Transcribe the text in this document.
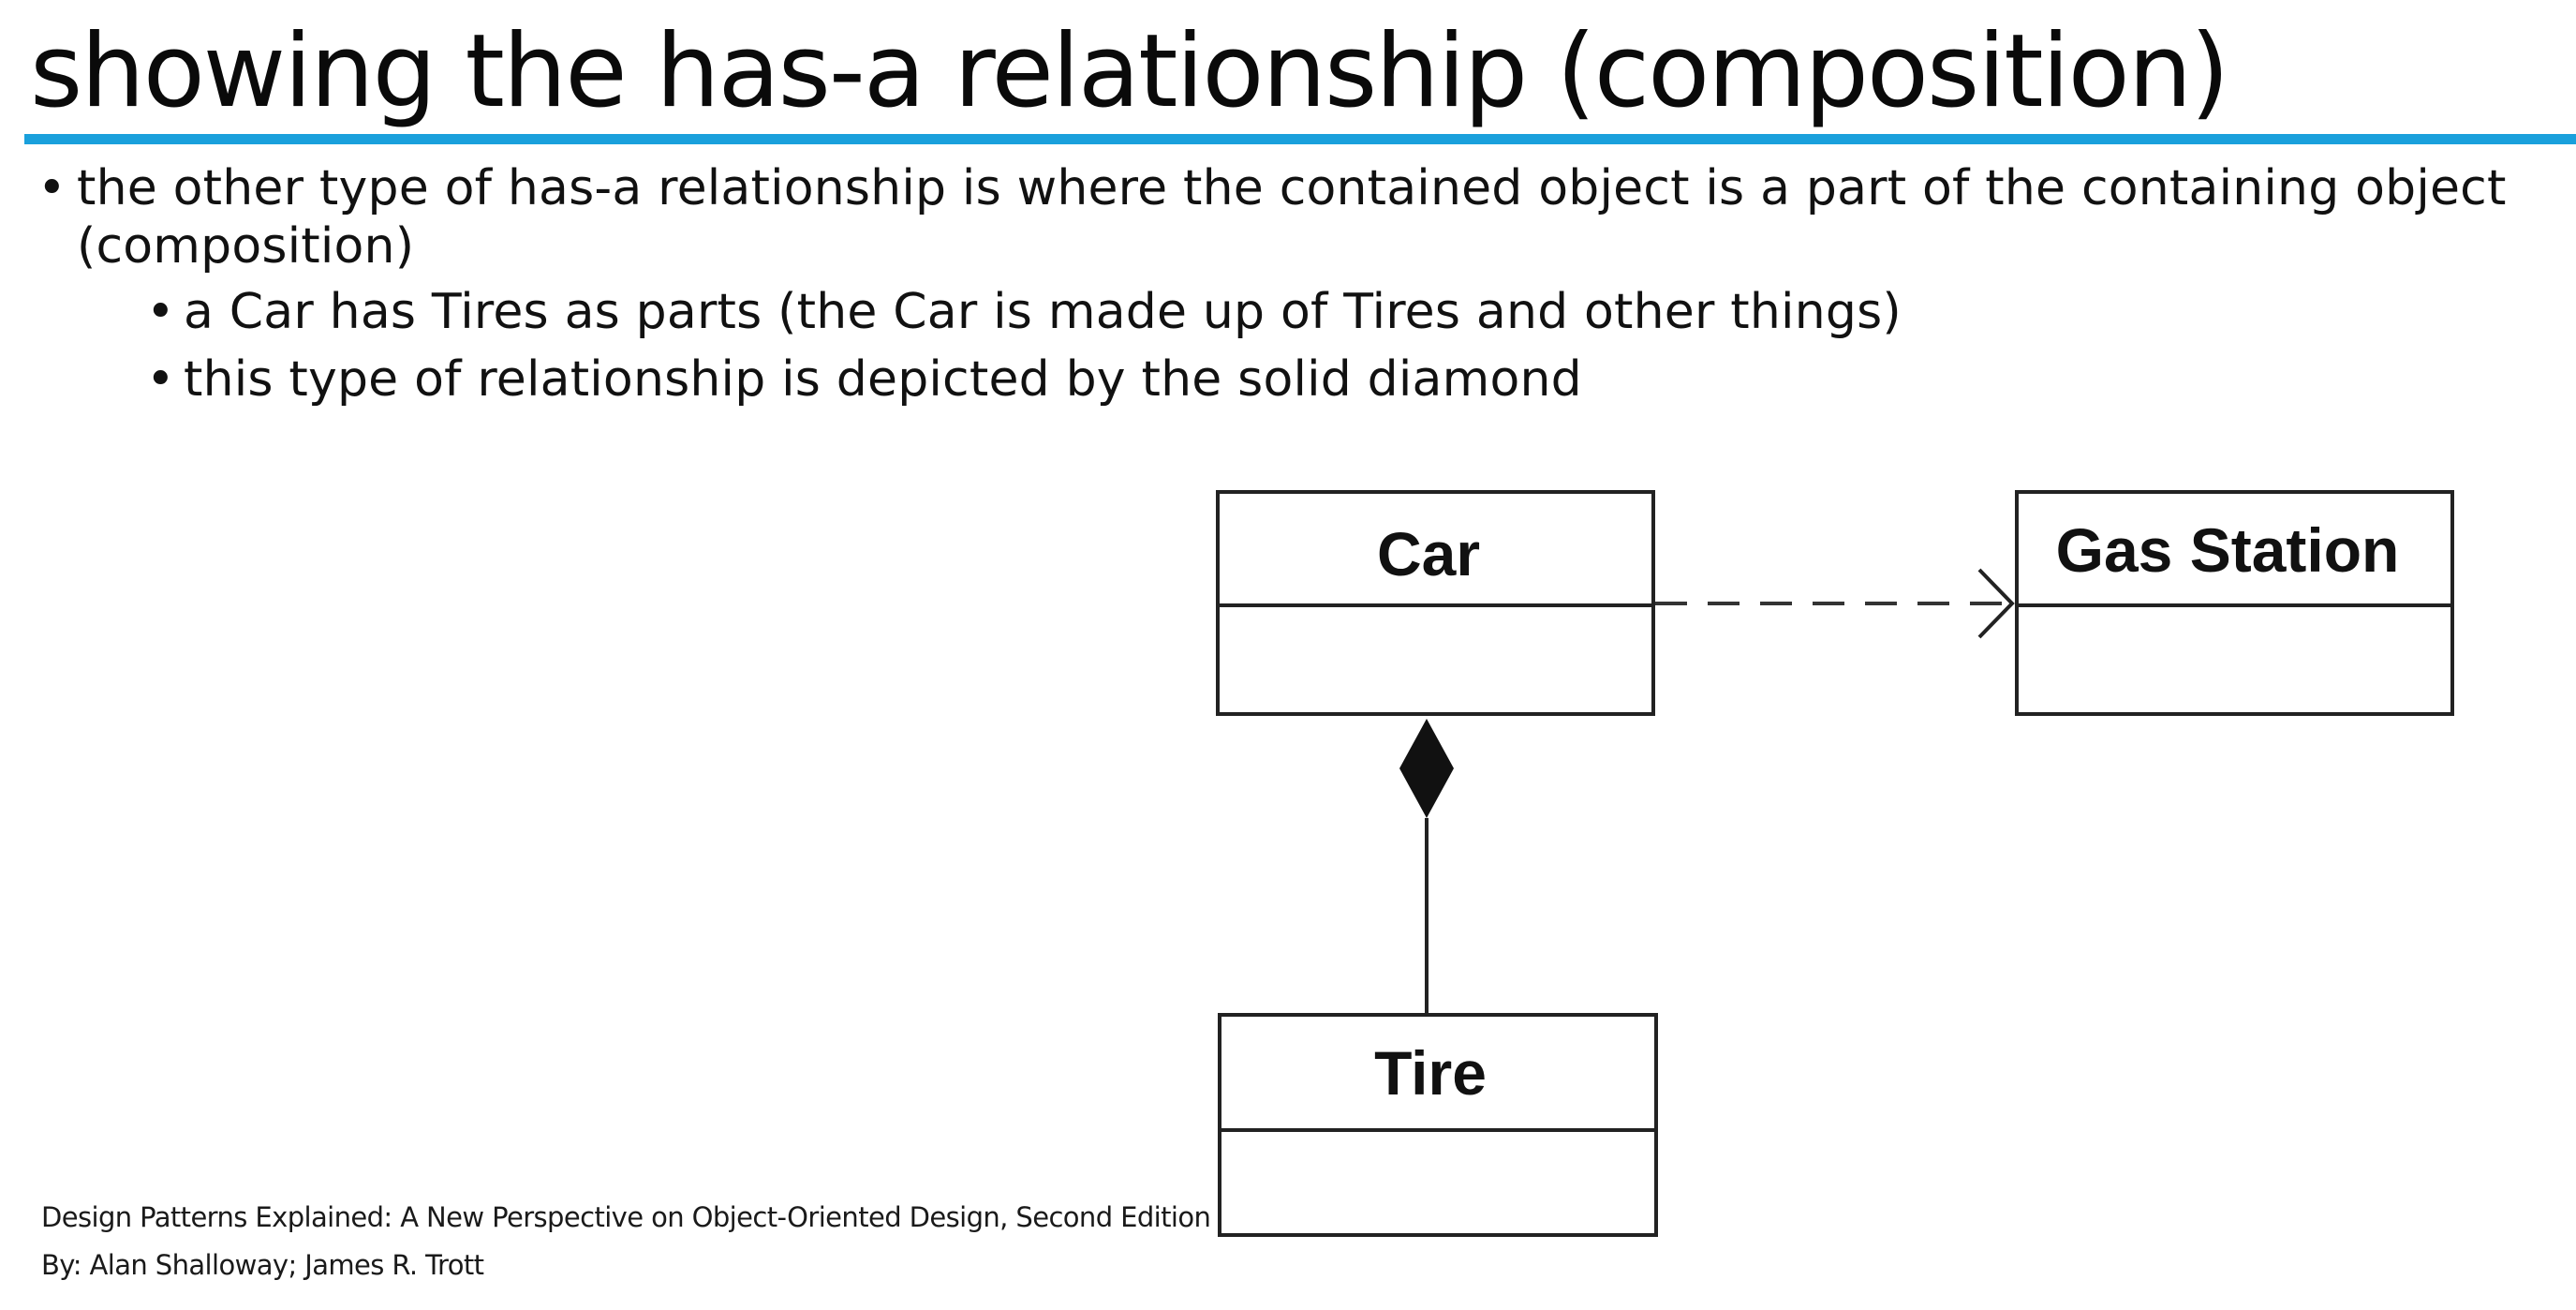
showing the has-a relationship (composition)
• the other type of has-a relationship is where the contained object is a part of the containing object (composition)
• a Car has Tires as parts (the Car is made up of Tires and other things)
• this type of relationship is depicted by the solid diamond
Car	Gas Station
Tire
Design Patterns Explained: A New Perspective on Object-Oriented Design, Second Edition
By: Alan Shalloway; James R. Trott
